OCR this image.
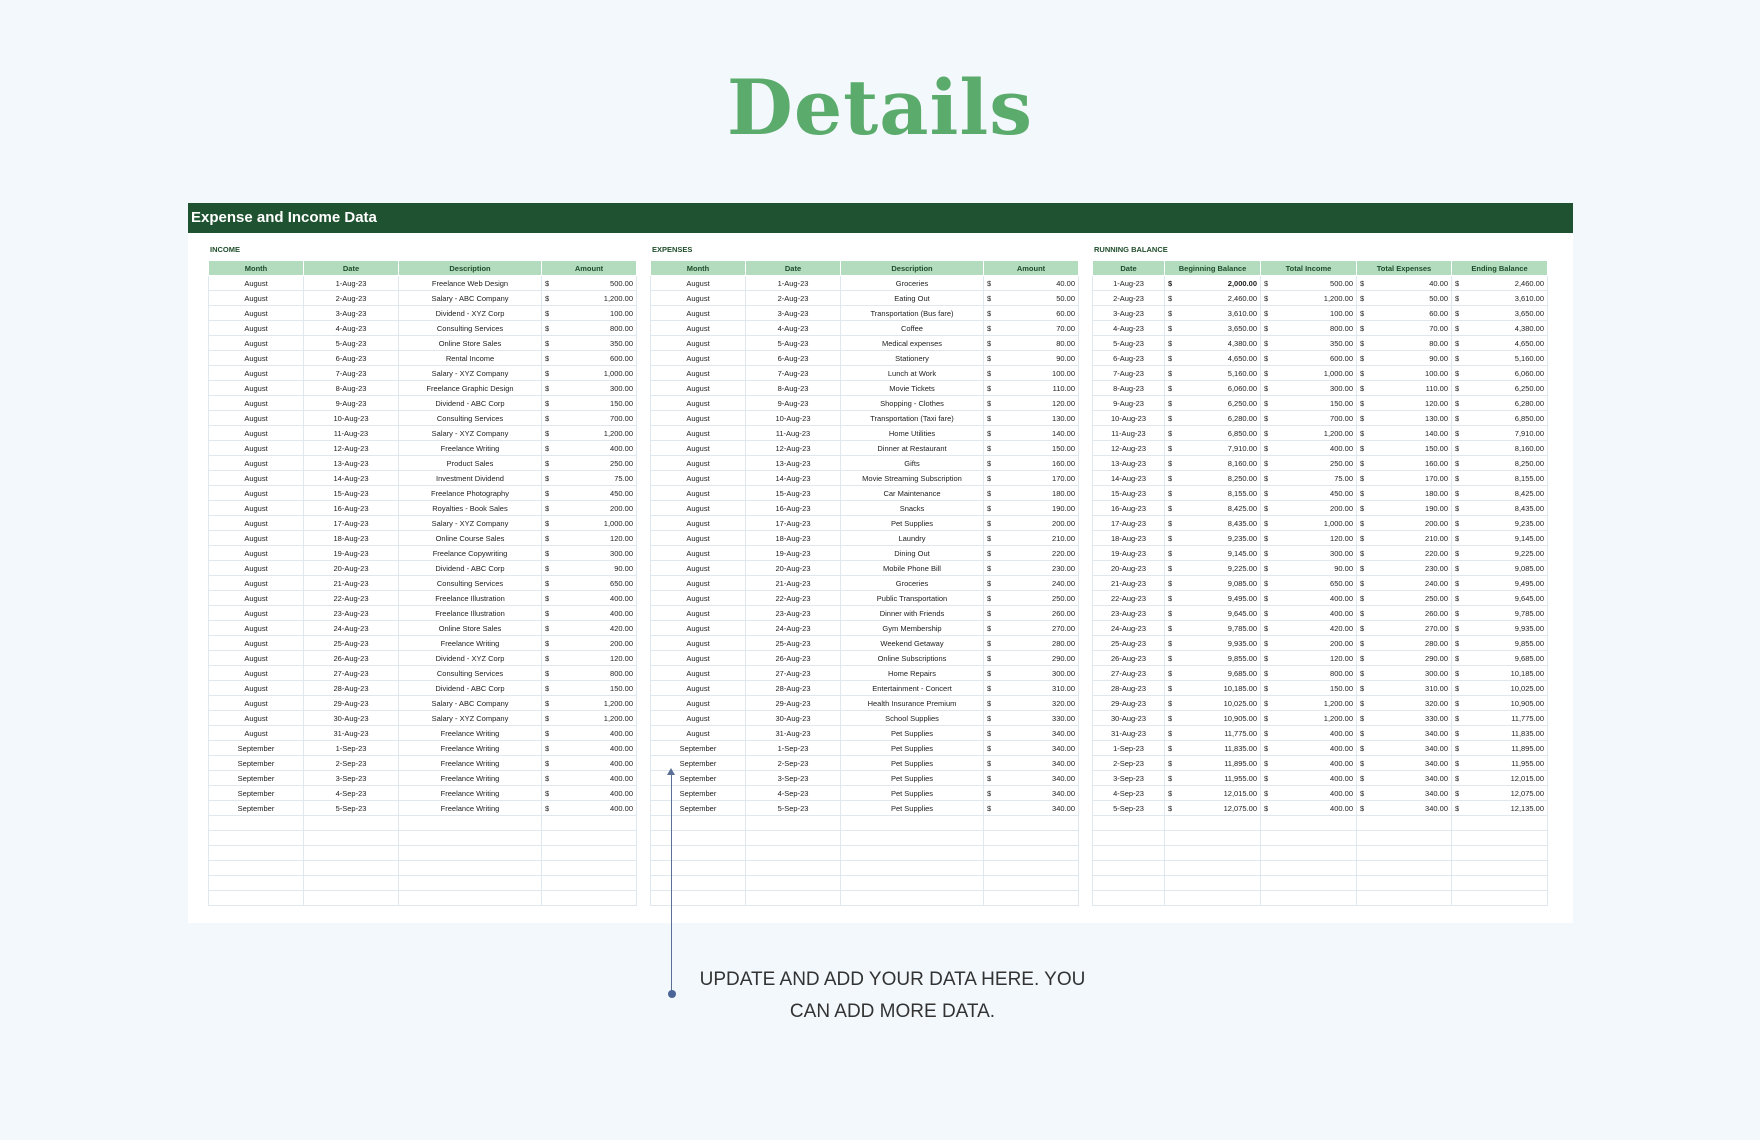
Details
Expense and Income Data
INCOME
Month	Date	Description	Amount
August	1-Aug-23	Freelance Web Design	$ 500.00

August	2-Aug-23	Salary - ABC Company	$ 1,200.00

August	3-Aug-23	Dividend - XYZ Corp	$ 100.00

August	4-Aug-23	Consulting Services	$ 800.00

August	5-Aug-23	Online Store Sales	$ 350.00

August	6-Aug-23	Rental Income	$ 600.00

August	7-Aug-23	Salary - XYZ Company	$ 1,000.00

August	8-Aug-23	Freelance Graphic Design	$ 300.00

August	9-Aug-23	Dividend - ABC Corp	$ 150.00

August	10-Aug-23	Consulting Services	$ 700.00

August	11-Aug-23	Salary - XYZ Company	$ 1,200.00

August	12-Aug-23	Freelance Writing	$ 400.00

August	13-Aug-23	Product Sales	$ 250.00

August	14-Aug-23	Investment Dividend	$ 75.00

August	15-Aug-23	Freelance Photography	$ 450.00

August	16-Aug-23	Royalties - Book Sales	$ 200.00

August	17-Aug-23	Salary - XYZ Company	$ 1,000.00

August	18-Aug-23	Online Course Sales	$ 120.00

August	19-Aug-23	Freelance Copywriting	$ 300.00

August	20-Aug-23	Dividend - ABC Corp	$ 90.00

August	21-Aug-23	Consulting Services	$ 650.00

August	22-Aug-23	Freelance Illustration	$ 400.00

August	23-Aug-23	Freelance Illustration	$ 400.00

August	24-Aug-23	Online Store Sales	$ 420.00

August	25-Aug-23	Freelance Writing	$ 200.00

August	26-Aug-23	Dividend - XYZ Corp	$ 120.00

August	27-Aug-23	Consulting Services	$ 800.00

August	28-Aug-23	Dividend - ABC Corp	$ 150.00

August	29-Aug-23	Salary - ABC Company	$ 1,200.00

August	30-Aug-23	Salary - XYZ Company	$ 1,200.00

August	31-Aug-23	Freelance Writing	$ 400.00

September	1-Sep-23	Freelance Writing	$ 400.00

September	2-Sep-23	Freelance Writing	$ 400.00

September	3-Sep-23	Freelance Writing	$ 400.00

September	4-Sep-23	Freelance Writing	$ 400.00

September	5-Sep-23	Freelance Writing	$ 400.00

EXPENSES
Month	Date	Description	Amount
August	1-Aug-23	Groceries	$ 40.00

August	2-Aug-23	Eating Out	$ 50.00

August	3-Aug-23	Transportation (Bus fare)	$ 60.00

August	4-Aug-23	Coffee	$ 70.00

August	5-Aug-23	Medical expenses	$ 80.00

August	6-Aug-23	Stationery	$ 90.00

August	7-Aug-23	Lunch at Work	$ 100.00

August	8-Aug-23	Movie Tickets	$ 110.00

August	9-Aug-23	Shopping - Clothes	$ 120.00

August	10-Aug-23	Transportation (Taxi fare)	$ 130.00

August	11-Aug-23	Home Utilities	$ 140.00

August	12-Aug-23	Dinner at Restaurant	$ 150.00

August	13-Aug-23	Gifts	$ 160.00

August	14-Aug-23	Movie Streaming Subscription	$ 170.00

August	15-Aug-23	Car Maintenance	$ 180.00

August	16-Aug-23	Snacks	$ 190.00

August	17-Aug-23	Pet Supplies	$ 200.00

August	18-Aug-23	Laundry	$ 210.00

August	19-Aug-23	Dining Out	$ 220.00

August	20-Aug-23	Mobile Phone Bill	$ 230.00

August	21-Aug-23	Groceries	$ 240.00

August	22-Aug-23	Public Transportation	$ 250.00

August	23-Aug-23	Dinner with Friends	$ 260.00

August	24-Aug-23	Gym Membership	$ 270.00

August	25-Aug-23	Weekend Getaway	$ 280.00

August	26-Aug-23	Online Subscriptions	$ 290.00

August	27-Aug-23	Home Repairs	$ 300.00

August	28-Aug-23	Entertainment - Concert	$ 310.00

August	29-Aug-23	Health Insurance Premium	$ 320.00

August	30-Aug-23	School Supplies	$ 330.00

August	31-Aug-23	Pet Supplies	$ 340.00

September	1-Sep-23	Pet Supplies	$ 340.00

September	2-Sep-23	Pet Supplies	$ 340.00

September	3-Sep-23	Pet Supplies	$ 340.00

September	4-Sep-23	Pet Supplies	$ 340.00

September	5-Sep-23	Pet Supplies	$ 340.00

RUNNING BALANCE
Date	Beginning Balance	Total Income	Total Expenses	Ending Balance
1-Aug-23	$ 2,000.00	$ 500.00	$ 40.00	$ 2,460.00

2-Aug-23	$ 2,460.00	$ 1,200.00	$ 50.00	$ 3,610.00

3-Aug-23	$ 3,610.00	$ 100.00	$ 60.00	$ 3,650.00

4-Aug-23	$ 3,650.00	$ 800.00	$ 70.00	$ 4,380.00

5-Aug-23	$ 4,380.00	$ 350.00	$ 80.00	$ 4,650.00

6-Aug-23	$ 4,650.00	$ 600.00	$ 90.00	$ 5,160.00

7-Aug-23	$ 5,160.00	$ 1,000.00	$ 100.00	$ 6,060.00

8-Aug-23	$ 6,060.00	$ 300.00	$ 110.00	$ 6,250.00

9-Aug-23	$ 6,250.00	$ 150.00	$ 120.00	$ 6,280.00

10-Aug-23	$ 6,280.00	$ 700.00	$ 130.00	$ 6,850.00

11-Aug-23	$ 6,850.00	$ 1,200.00	$ 140.00	$ 7,910.00

12-Aug-23	$ 7,910.00	$ 400.00	$ 150.00	$ 8,160.00

13-Aug-23	$ 8,160.00	$ 250.00	$ 160.00	$ 8,250.00

14-Aug-23	$ 8,250.00	$ 75.00	$ 170.00	$ 8,155.00

15-Aug-23	$ 8,155.00	$ 450.00	$ 180.00	$ 8,425.00

16-Aug-23	$ 8,425.00	$ 200.00	$ 190.00	$ 8,435.00

17-Aug-23	$ 8,435.00	$ 1,000.00	$ 200.00	$ 9,235.00

18-Aug-23	$ 9,235.00	$ 120.00	$ 210.00	$ 9,145.00

19-Aug-23	$ 9,145.00	$ 300.00	$ 220.00	$ 9,225.00

20-Aug-23	$ 9,225.00	$ 90.00	$ 230.00	$ 9,085.00

21-Aug-23	$ 9,085.00	$ 650.00	$ 240.00	$ 9,495.00

22-Aug-23	$ 9,495.00	$ 400.00	$ 250.00	$ 9,645.00

23-Aug-23	$ 9,645.00	$ 400.00	$ 260.00	$ 9,785.00

24-Aug-23	$ 9,785.00	$ 420.00	$ 270.00	$ 9,935.00

25-Aug-23	$ 9,935.00	$ 200.00	$ 280.00	$ 9,855.00

26-Aug-23	$ 9,855.00	$ 120.00	$ 290.00	$ 9,685.00

27-Aug-23	$ 9,685.00	$ 800.00	$ 300.00	$ 10,185.00

28-Aug-23	$ 10,185.00	$ 150.00	$ 310.00	$ 10,025.00

29-Aug-23	$ 10,025.00	$ 1,200.00	$ 320.00	$ 10,905.00

30-Aug-23	$ 10,905.00	$ 1,200.00	$ 330.00	$ 11,775.00

31-Aug-23	$ 11,775.00	$ 400.00	$ 340.00	$ 11,835.00

1-Sep-23	$ 11,835.00	$ 400.00	$ 340.00	$ 11,895.00

2-Sep-23	$ 11,895.00	$ 400.00	$ 340.00	$ 11,955.00

3-Sep-23	$ 11,955.00	$ 400.00	$ 340.00	$ 12,015.00

4-Sep-23	$ 12,015.00	$ 400.00	$ 340.00	$ 12,075.00

5-Sep-23	$ 12,075.00	$ 400.00	$ 340.00	$ 12,135.00

UPDATE AND ADD YOUR DATA HERE. YOU CAN ADD MORE DATA.
